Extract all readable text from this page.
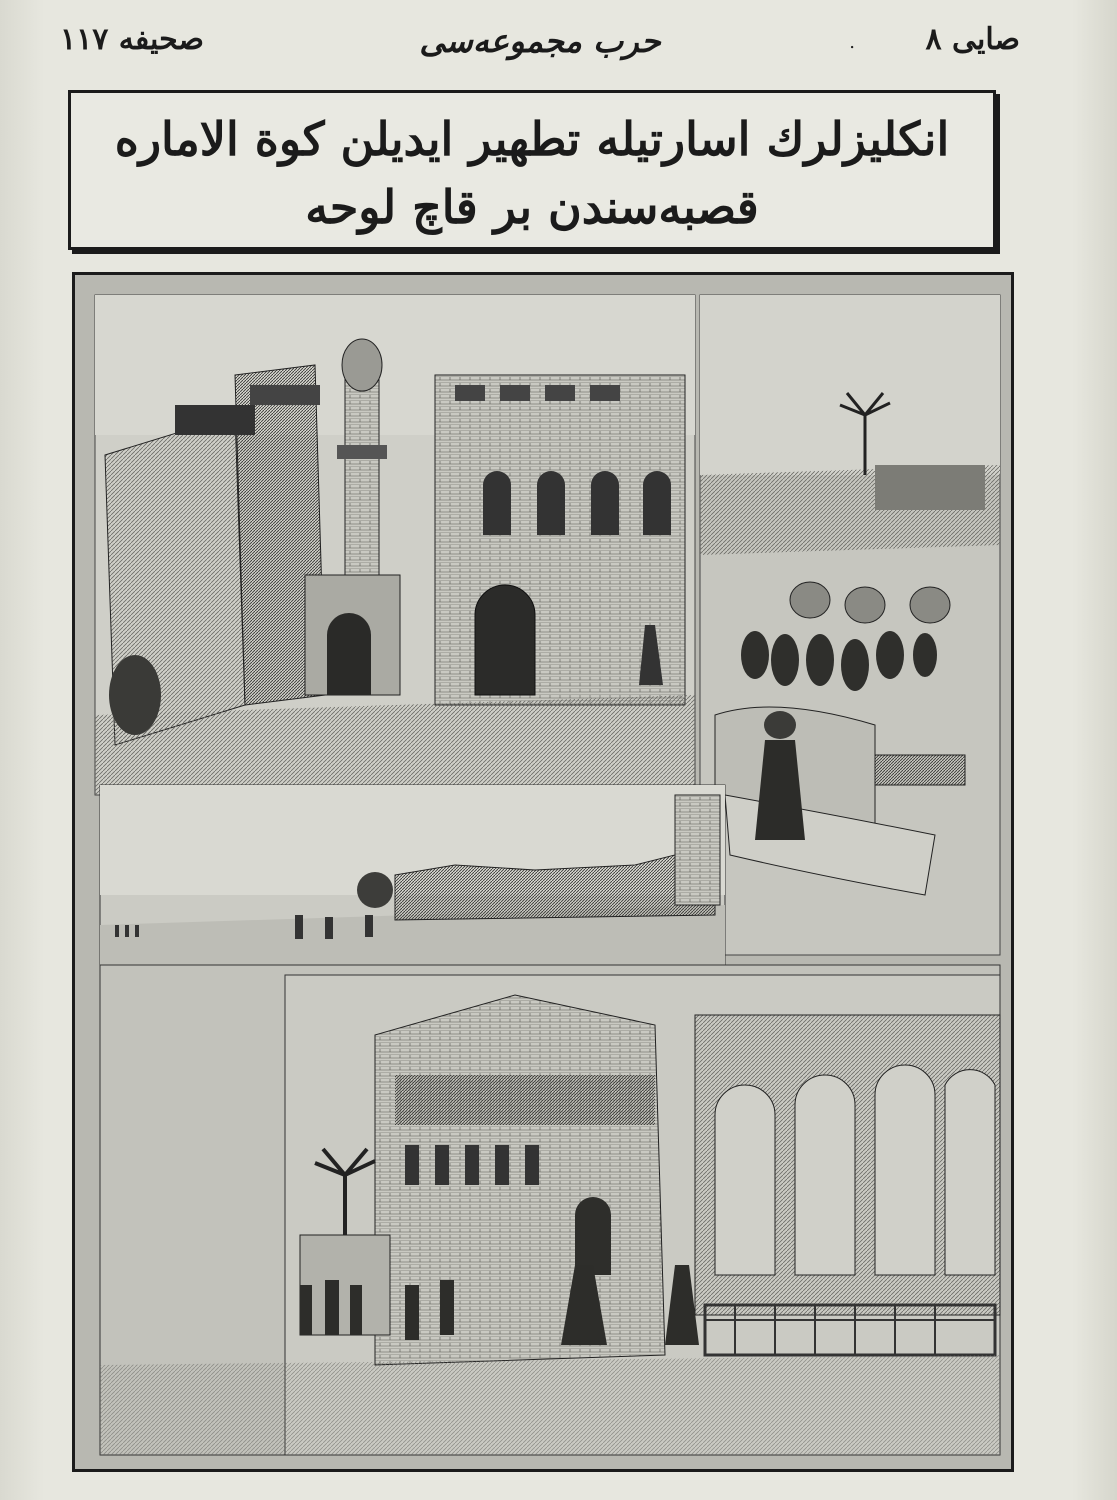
صايى ٨
.
حرب مجموعه‌سى
صحيفه ١١٧
انكليزلرك اسارتيله تطهير ايديلن كوة الاماره
قصبه‌سندن بر قاچ لوحه
